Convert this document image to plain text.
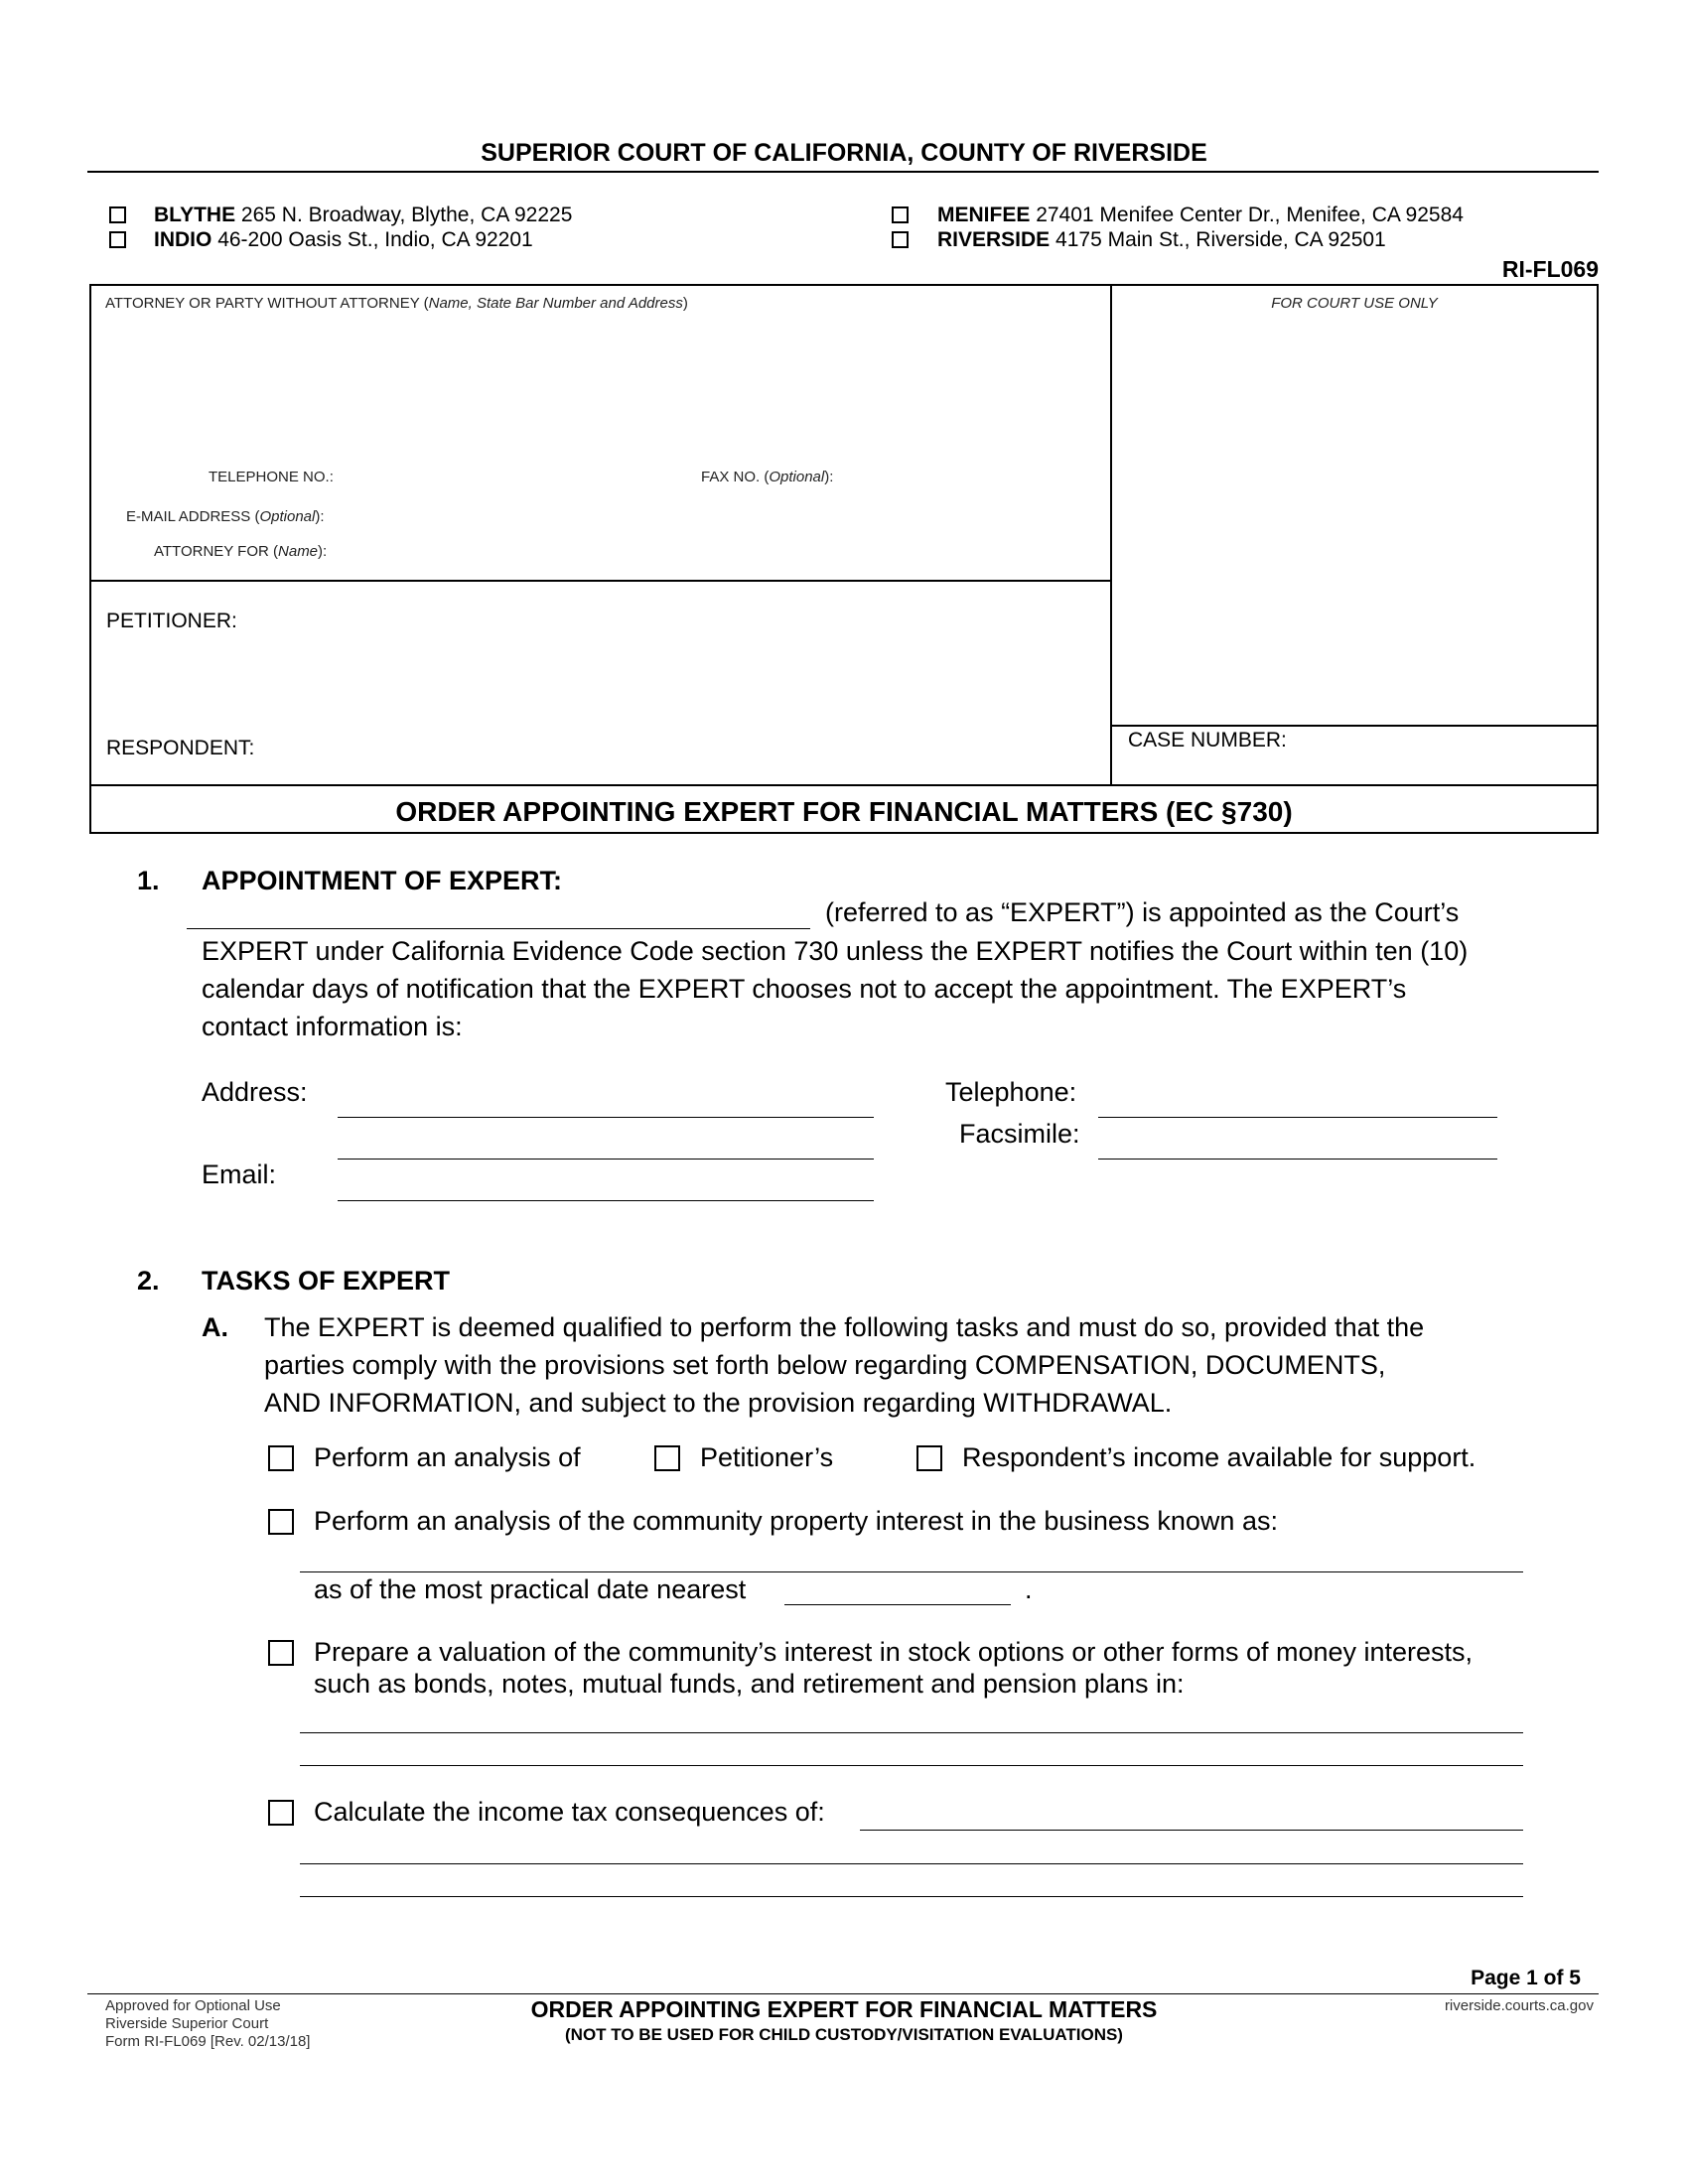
SUPERIOR COURT OF CALIFORNIA, COUNTY OF RIVERSIDE
BLYTHE 265 N. Broadway, Blythe, CA 92225
INDIO 46-200 Oasis St., Indio, CA 92201
MENIFEE 27401 Menifee Center Dr., Menifee, CA 92584
RIVERSIDE 4175 Main St., Riverside, CA 92501
RI-FL069
ATTORNEY OR PARTY WITHOUT ATTORNEY (Name, State Bar Number and Address)	FOR COURT USE ONLY
TELEPHONE NO.:	FAX NO. (Optional):
E-MAIL ADDRESS (Optional):
ATTORNEY FOR (Name):
PETITIONER:
RESPONDENT:	CASE NUMBER:
ORDER APPOINTING EXPERT FOR FINANCIAL MATTERS (EC §730)
1. APPOINTMENT OF EXPERT:
(referred to as “EXPERT”) is appointed as the Court’s
EXPERT under California Evidence Code section 730 unless the EXPERT notifies the Court within ten (10)
calendar days of notification that the EXPERT chooses not to accept the appointment. The EXPERT’s
contact information is:
Address:
Email:
Telephone:
Facsimile:
2. TASKS OF EXPERT
A. The EXPERT is deemed qualified to perform the following tasks and must do so, provided that the
parties comply with the provisions set forth below regarding COMPENSATION, DOCUMENTS,
AND INFORMATION, and subject to the provision regarding WITHDRAWAL.
Perform an analysis of	Petitioner’s	Respondent’s income available for support.
Perform an analysis of the community property interest in the business known as:
as of the most practical date nearest	.
Prepare a valuation of the community’s interest in stock options or other forms of money interests,
such as bonds, notes, mutual funds, and retirement and pension plans in:
Calculate the income tax consequences of:
Page 1 of 5
Approved for Optional Use
Riverside Superior Court
Form RI-FL069 [Rev. 02/13/18]
ORDER APPOINTING EXPERT FOR FINANCIAL MATTERS
(NOT TO BE USED FOR CHILD CUSTODY/VISITATION EVALUATIONS)
riverside.courts.ca.gov
